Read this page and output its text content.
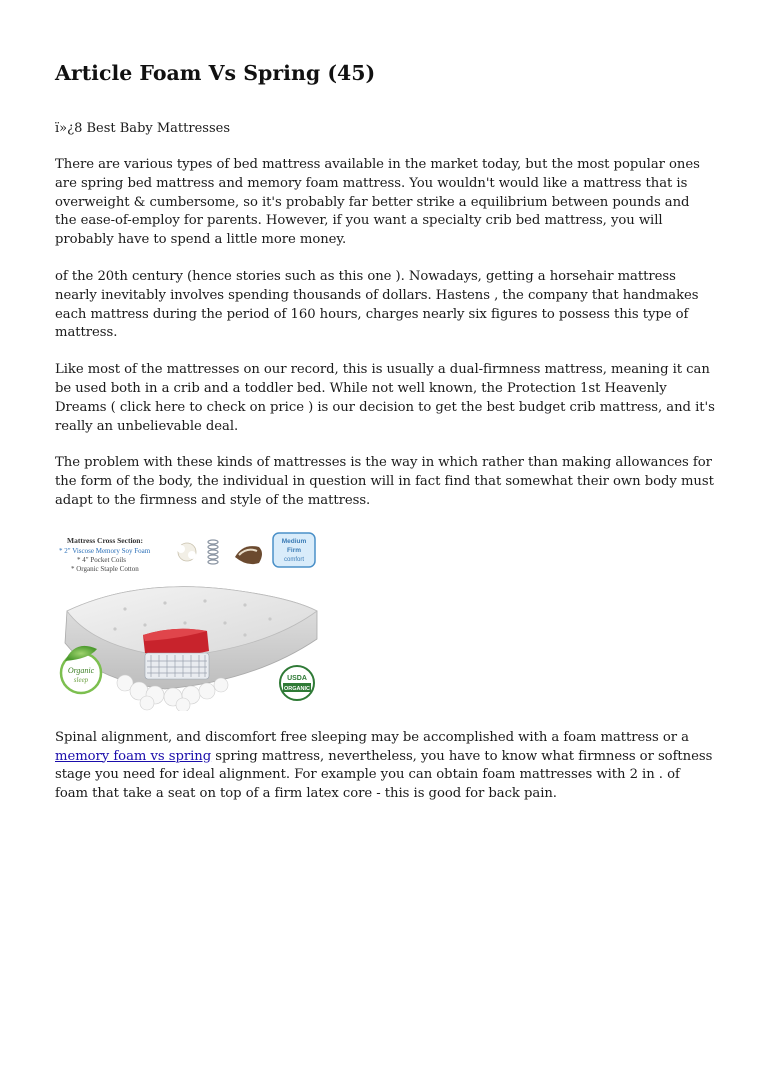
Article Foam Vs Spring (45)
ï»¿8 Best Baby Mattresses

There are various types of bed mattress available in the market today, but the most popular ones are spring bed mattress and memory foam mattress. You wouldn't would like a mattress that is overweight & cumbersome, so it's probably far better strike a equilibrium between pounds and the ease-of-employ for parents. However, if you want a specialty crib bed mattress, you will probably have to spend a little more money.

of the 20th century (hence stories such as this one ). Nowadays, getting a horsehair mattress nearly inevitably involves spending thousands of dollars. Hastens , the company that handmakes each mattress during the period of 160 hours, charges nearly six figures to possess this type of mattress.

Like most of the mattresses on our record, this is usually a dual-firmness mattress, meaning it can be used both in a crib and a toddler bed. While not well known, the Protection 1st Heavenly Dreams ( click here to check on price ) is our decision to get the best budget crib mattress, and it's really an unbelievable deal.

The problem with these kinds of mattresses is the way in which rather than making allowances for the form of the body, the individual in question will in fact find that somewhat their own body must adapt to the firmness and style of the mattress.

Mattress Cross Section:
* 2" Viscose Memory Soy Foam
* 4" Pocket Coils
* Organic Staple Cotton
Medium
Firm
comfort
Organic
sleep	USDA
ORGANIC

Spinal alignment, and discomfort free sleeping may be accomplished with a foam mattress or a memory foam vs spring spring mattress, nevertheless, you have to know what firmness or softness stage you need for ideal alignment. For example you can obtain foam mattresses with 2 in . of foam that take a seat on top of a firm latex core - this is good for back pain.
